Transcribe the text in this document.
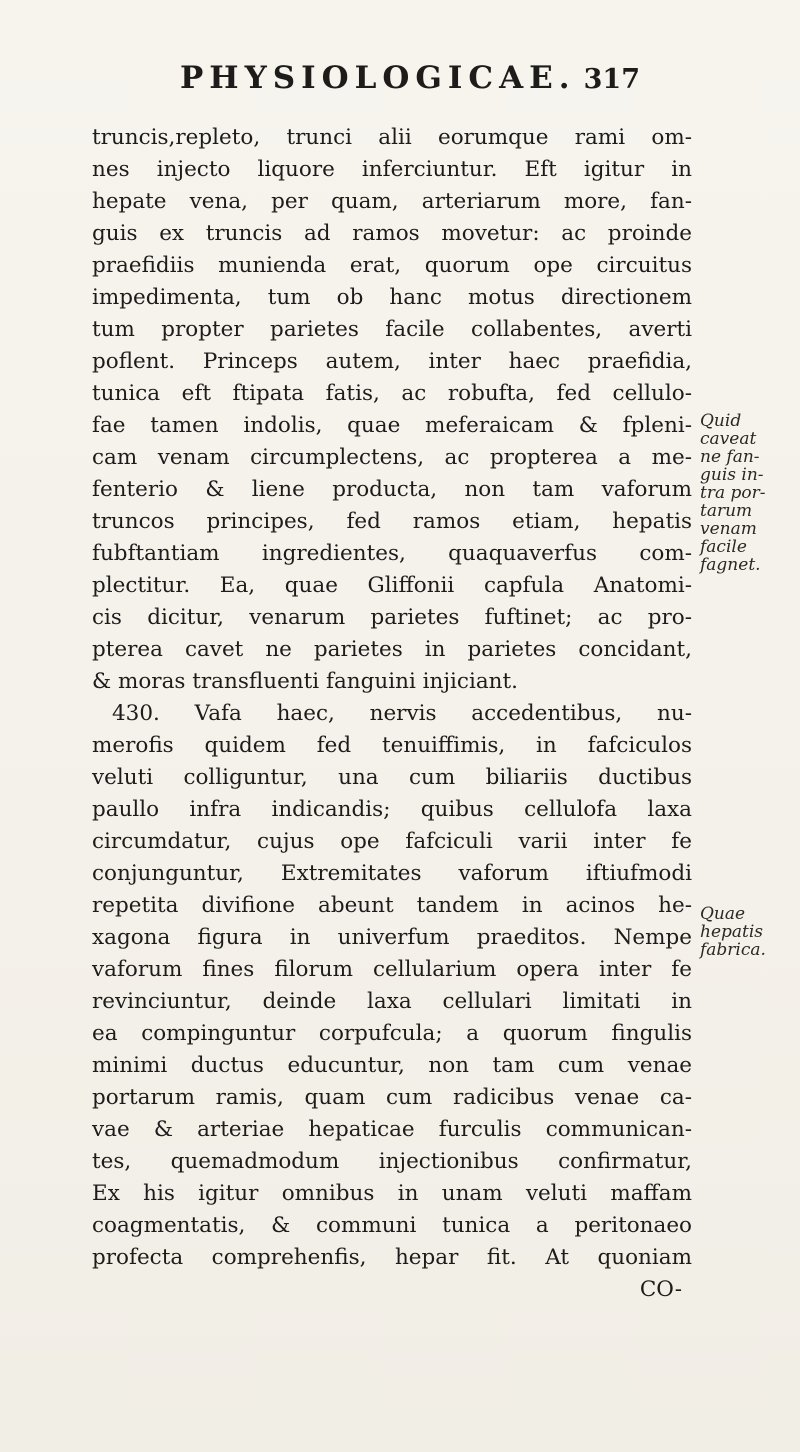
PHYSIOLOGICAE. 317
truncis,repleto, trunci alii eorumque rami om-
nes injecto liquore inferciuntur. Eft igitur in
hepate vena, per quam, arteriarum more, fan-
guis ex truncis ad ramos movetur: ac proinde
praefidiis munienda erat, quorum ope circuitus
impedimenta, tum ob hanc motus directionem
tum propter parietes facile collabentes, averti
poflent. Princeps autem, inter haec praefidia,
tunica eft ftipata fatis, ac robufta, fed cellulo-
fae tamen indolis, quae meferaicam & fpleni-
cam venam circumplectens, ac propterea a me-
fenterio & liene producta, non tam vaforum
truncos principes, fed ramos etiam, hepatis
fubftantiam ingredientes, quaquaverfus com-
plectitur. Ea, quae Gliffonii capfula Anatomi-
cis dicitur, venarum parietes fuftinet; ac pro-
pterea cavet ne parietes in parietes concidant,
& moras transfluenti fanguini injiciant.
430. Vafa haec, nervis accedentibus, nu-
merofis quidem fed tenuiffimis, in fafciculos
veluti colliguntur, una cum biliariis ductibus
paullo infra indicandis; quibus cellulofa laxa
circumdatur, cujus ope fafciculi varii inter fe
conjunguntur, Extremitates vaforum iftiufmodi
repetita divifione abeunt tandem in acinos he-
xagona figura in univerfum praeditos. Nempe
vaforum fines filorum cellularium opera inter fe
revinciuntur, deinde laxa cellulari limitati in
ea compinguntur corpufcula; a quorum fingulis
minimi ductus educuntur, non tam cum venae
portarum ramis, quam cum radicibus venae ca-
vae & arteriae hepaticae furculis communican-
tes, quemadmodum injectionibus confirmatur,
Ex his igitur omnibus in unam veluti maffam
coagmentatis, & communi tunica a peritonaeo
profecta comprehenfis, hepar fit. At quoniam
CO-
Quid
caveat
ne fan-
guis in-
tra por-
tarum
venam
facile
fagnet.
Quae
hepatis
fabrica.
